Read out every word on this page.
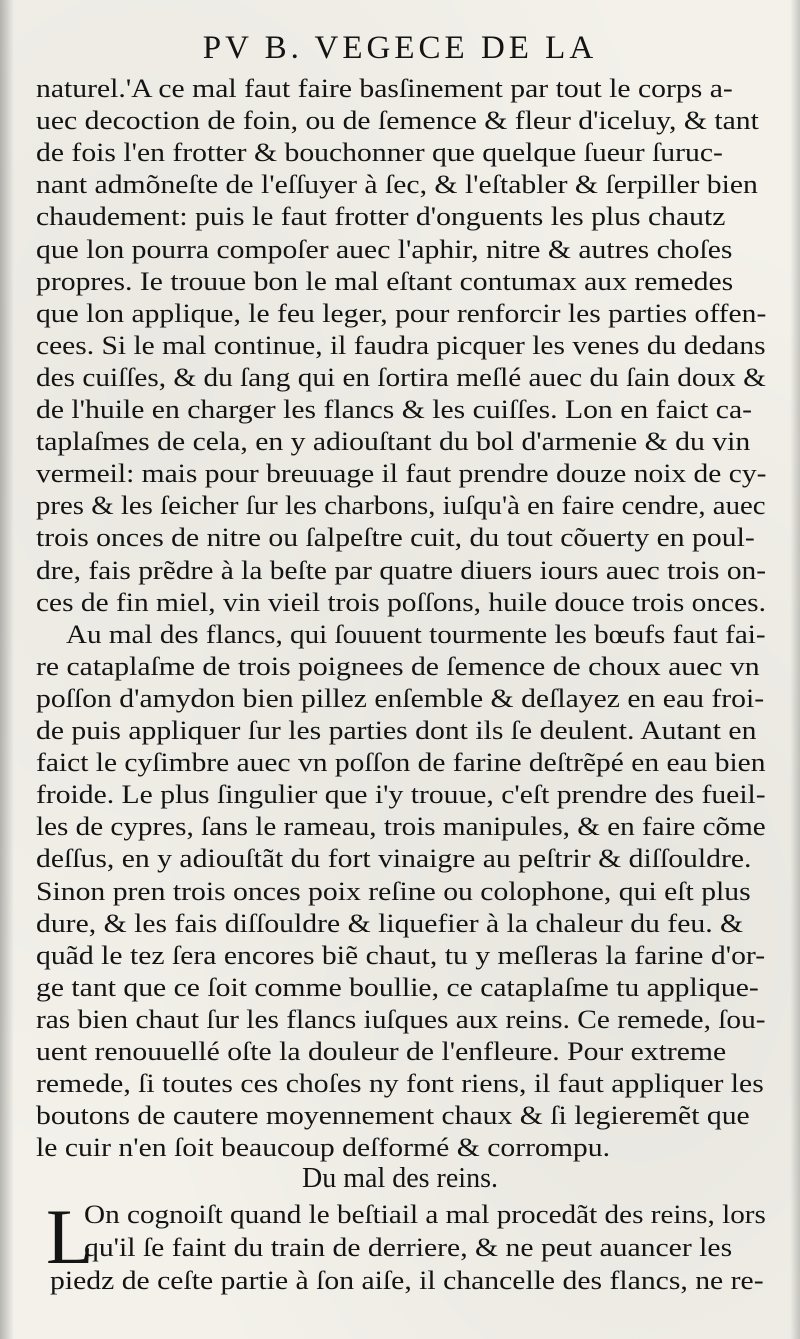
PV B. VEGECE DE LA
naturel.'A ce mal faut faire basſinement par tout le corps a-
uec decoction de foin, ou de ſemence & fleur d'iceluy, & tant
de fois l'en frotter & bouchonner que quelque ſueur ſuruc-
nant admõneſte de l'eſſuyer à ſec, & l'eſtabler & ſerpiller bien
chaudement: puis le faut frotter d'onguents les plus chautz
que lon pourra compoſer auec l'aphir, nitre & autres choſes
propres. Ie trouue bon le mal eſtant contumax aux remedes
que lon applique, le feu leger, pour renforcir les parties offen-
cees. Si le mal continue, il faudra picquer les venes du dedans
des cuiſſes, & du ſang qui en ſortira meſlé auec du ſain doux &
de l'huile en charger les flancs & les cuiſſes. Lon en faict ca-
taplaſmes de cela, en y adiouſtant du bol d'armenie & du vin
vermeil: mais pour breuuage il faut prendre douze noix de cy-
pres & les ſeicher ſur les charbons, iuſqu'à en faire cendre, auec
trois onces de nitre ou ſalpeſtre cuit, du tout cõuerty en poul-
dre, fais prẽdre à la beſte par quatre diuers iours auec trois on-
ces de fin miel, vin vieil trois poſſons, huile douce trois onces.
Au mal des flancs, qui ſouuent tourmente les bœufs faut fai-
re cataplaſme de trois poignees de ſemence de choux auec vn
poſſon d'amydon bien pillez enſemble & deſlayez en eau froi-
de puis appliquer ſur les parties dont ils ſe deulent. Autant en
faict le cyſimbre auec vn poſſon de farine deſtrẽpé en eau bien
froide. Le plus ſingulier que i'y trouue, c'eſt prendre des fueil-
les de cypres, ſans le rameau, trois manipules, & en faire cõme
deſſus, en y adiouſtãt du fort vinaigre au peſtrir & diſſouldre.
Sinon pren trois onces poix reſine ou colophone, qui eſt plus
dure, & les fais diſſouldre & liquefier à la chaleur du feu. &
quãd le tez ſera encores biẽ chaut, tu y meſleras la farine d'or-
ge tant que ce ſoit comme boullie, ce cataplaſme tu applique-
ras bien chaut ſur les flancs iuſques aux reins. Ce remede, ſou-
uent renouuellé oſte la douleur de l'enfleure. Pour extreme
remede, ſi toutes ces choſes ny font riens, il faut appliquer les
boutons de cautere moyennement chaux & ſi legieremẽt que
le cuir n'en ſoit beaucoup deſformé & corrompu.
Du mal des reins.
L
On cognoiſt quand le beſtiail a mal procedãt des reins, lors
qu'il ſe faint du train de derriere, & ne peut auancer les
piedz de ceſte partie à ſon aiſe, il chancelle des flancs, ne re-
